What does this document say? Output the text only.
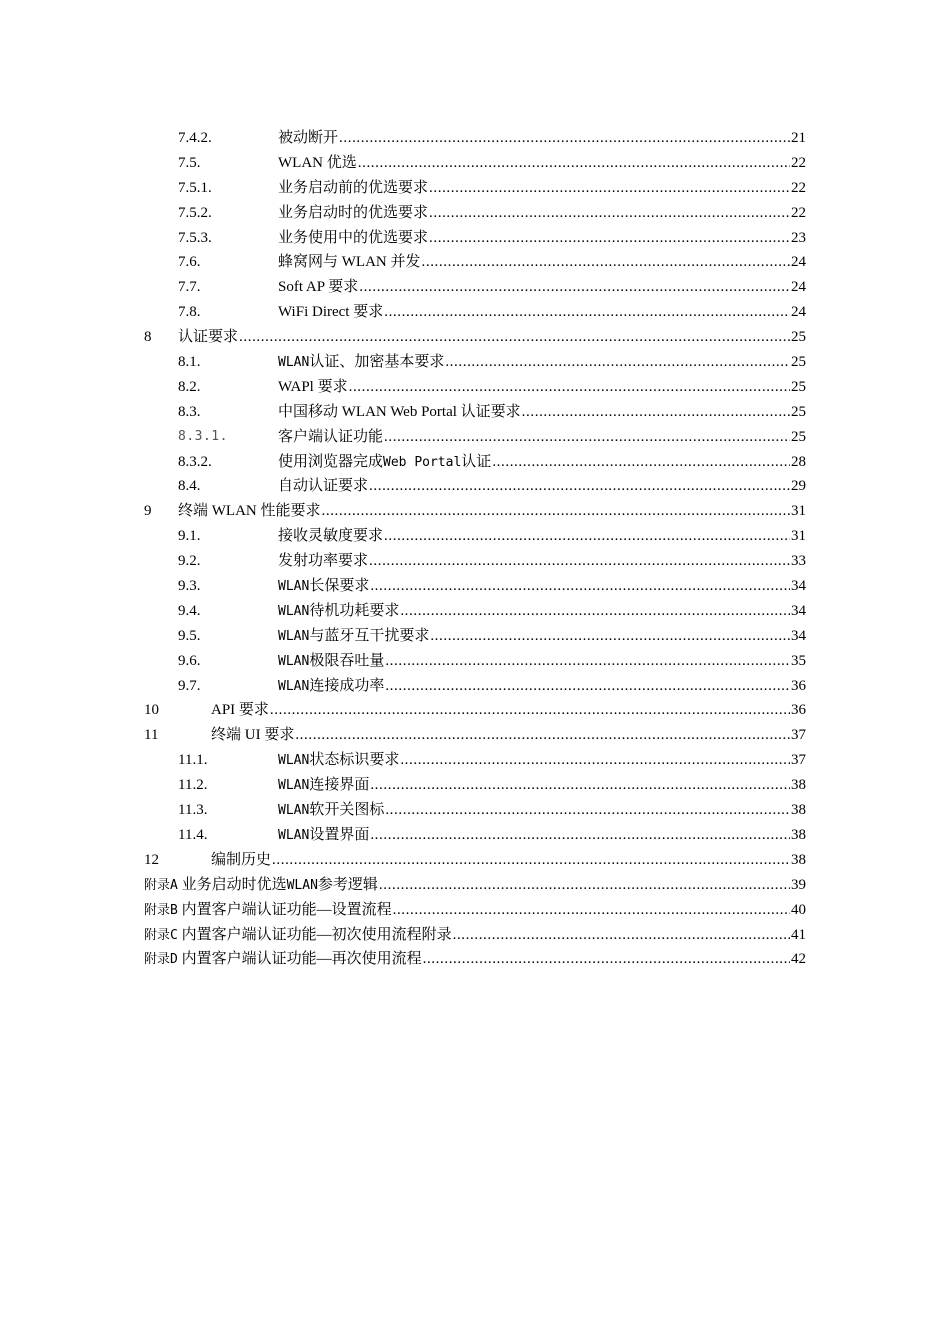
7.4.2.	被动断开 .....	21
7.5.	WLAN 优选 .....	22
7.5.1.	业务启动前的优选要求 .....	22
7.5.2.	业务启动时的优选要求 .....	22
7.5.3.	业务使用中的优选要求 .....	23
7.6.	蜂窝网与 WLAN 并发 .....	24
7.7.	Soft AP 要求 .....	24
7.8.	WiFi Direct 要求 .....	24
8 认证要求 .....	25
8.1.	WLAN认证、加密基本要求 .....	25
8.2.	WAPl 要求 .....	25
8.3.	中国移动 WLAN Web Portal 认证要求 .....	25
8.3.1.	客户端认证功能 .....	25
8.3.2.	使用浏览器完成Web Portal认证 .....	28
8.4.	自动认证要求 .....	29
9 终端 WLAN 性能要求 .....	31
9.1.	接收灵敏度要求 .....	31
9.2.	发射功率要求 .....	33
9.3.	WLAN长保要求 .....	34
9.4.	WLAN待机功耗要求 .....	34
9.5.	WLAN与蓝牙互干扰要求 .....	34
9.6.	WLAN极限吞吐量 .....	35
9.7.	WLAN连接成功率 .....	36
10	API 要求 .....	36
11	终端 UI 要求 .....	37
11.1.	WLAN状态标识要求 .....	37
11.2.	WLAN连接界面 .....	38
11.3.	WLAN软开关图标 .....	38
11.4.	WLAN设置界面 .....	38
12	编制历史 .....	38
附录A 业务启动时优选WLAN参考逻辑 .....	39
附录B 内置客户端认证功能—设置流程 .....	40
附录C 内置客户端认证功能—初次使用流程附录 .....	41
附录D 内置客户端认证功能—再次使用流程 .....	42
